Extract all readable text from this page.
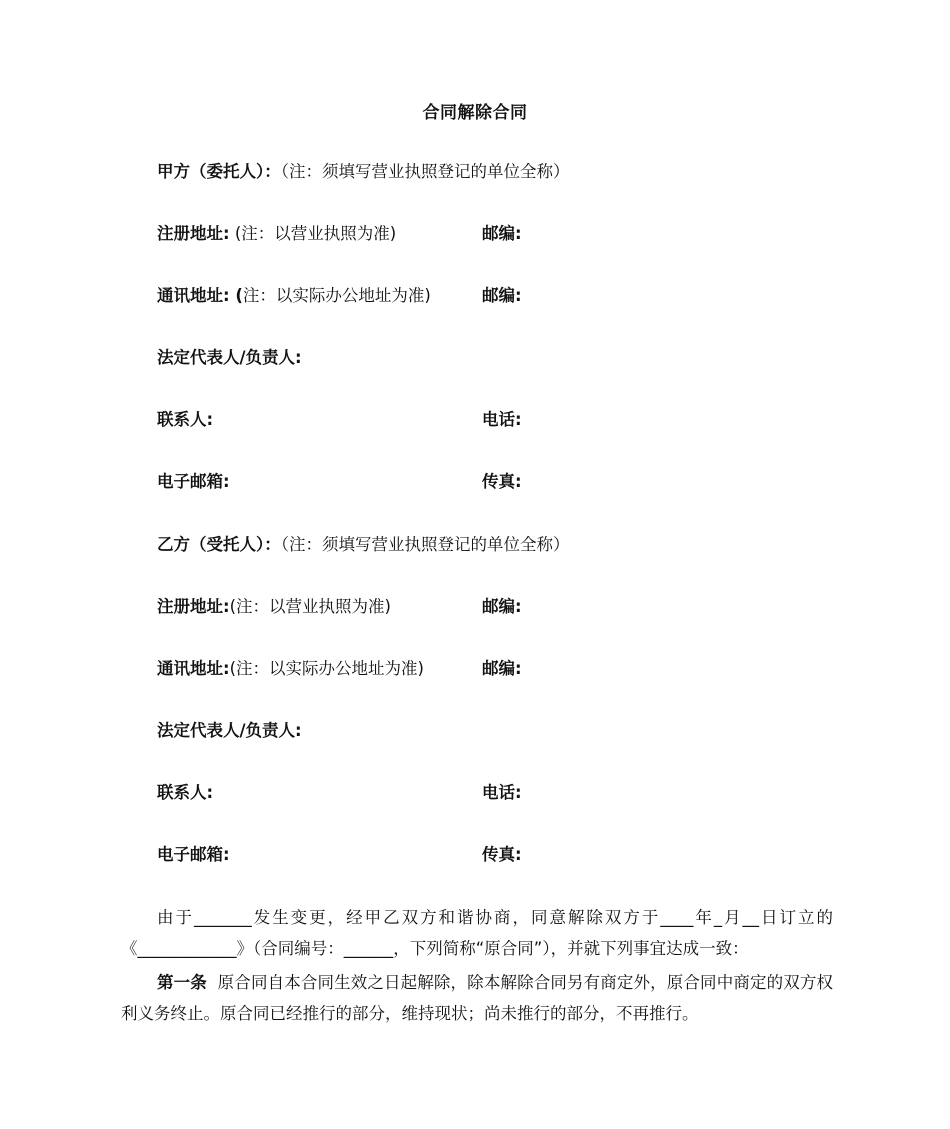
合同解除合同
甲方（委托人）：（注：须填写营业执照登记的单位全称）
注册地址: (注：以营业执照为准)	邮编:
通讯地址: (注：以实际办公地址为准)	邮编:
法定代表人/负责人:
联系人:	电话:
电子邮箱:	传真:
乙方（受托人）：（注：须填写营业执照登记的单位全称）
注册地址:(注：以营业执照为准)	邮编:
通讯地址:(注：以实际办公地址为准)	邮编:
法定代表人/负责人:
联系人:	电话:
电子邮箱:	传真:
由于_______发生变更，经甲乙双方和谐协商，同意解除双方于____年_月__日订立的《____________》（合同编号：______，下列简称“原合同”），并就下列事宜达成一致：
第一条 原合同自本合同生效之日起解除，除本解除合同另有商定外，原合同中商定的双方权利义务终止。原合同已经推行的部分，维持现状；尚未推行的部分，不再推行。
